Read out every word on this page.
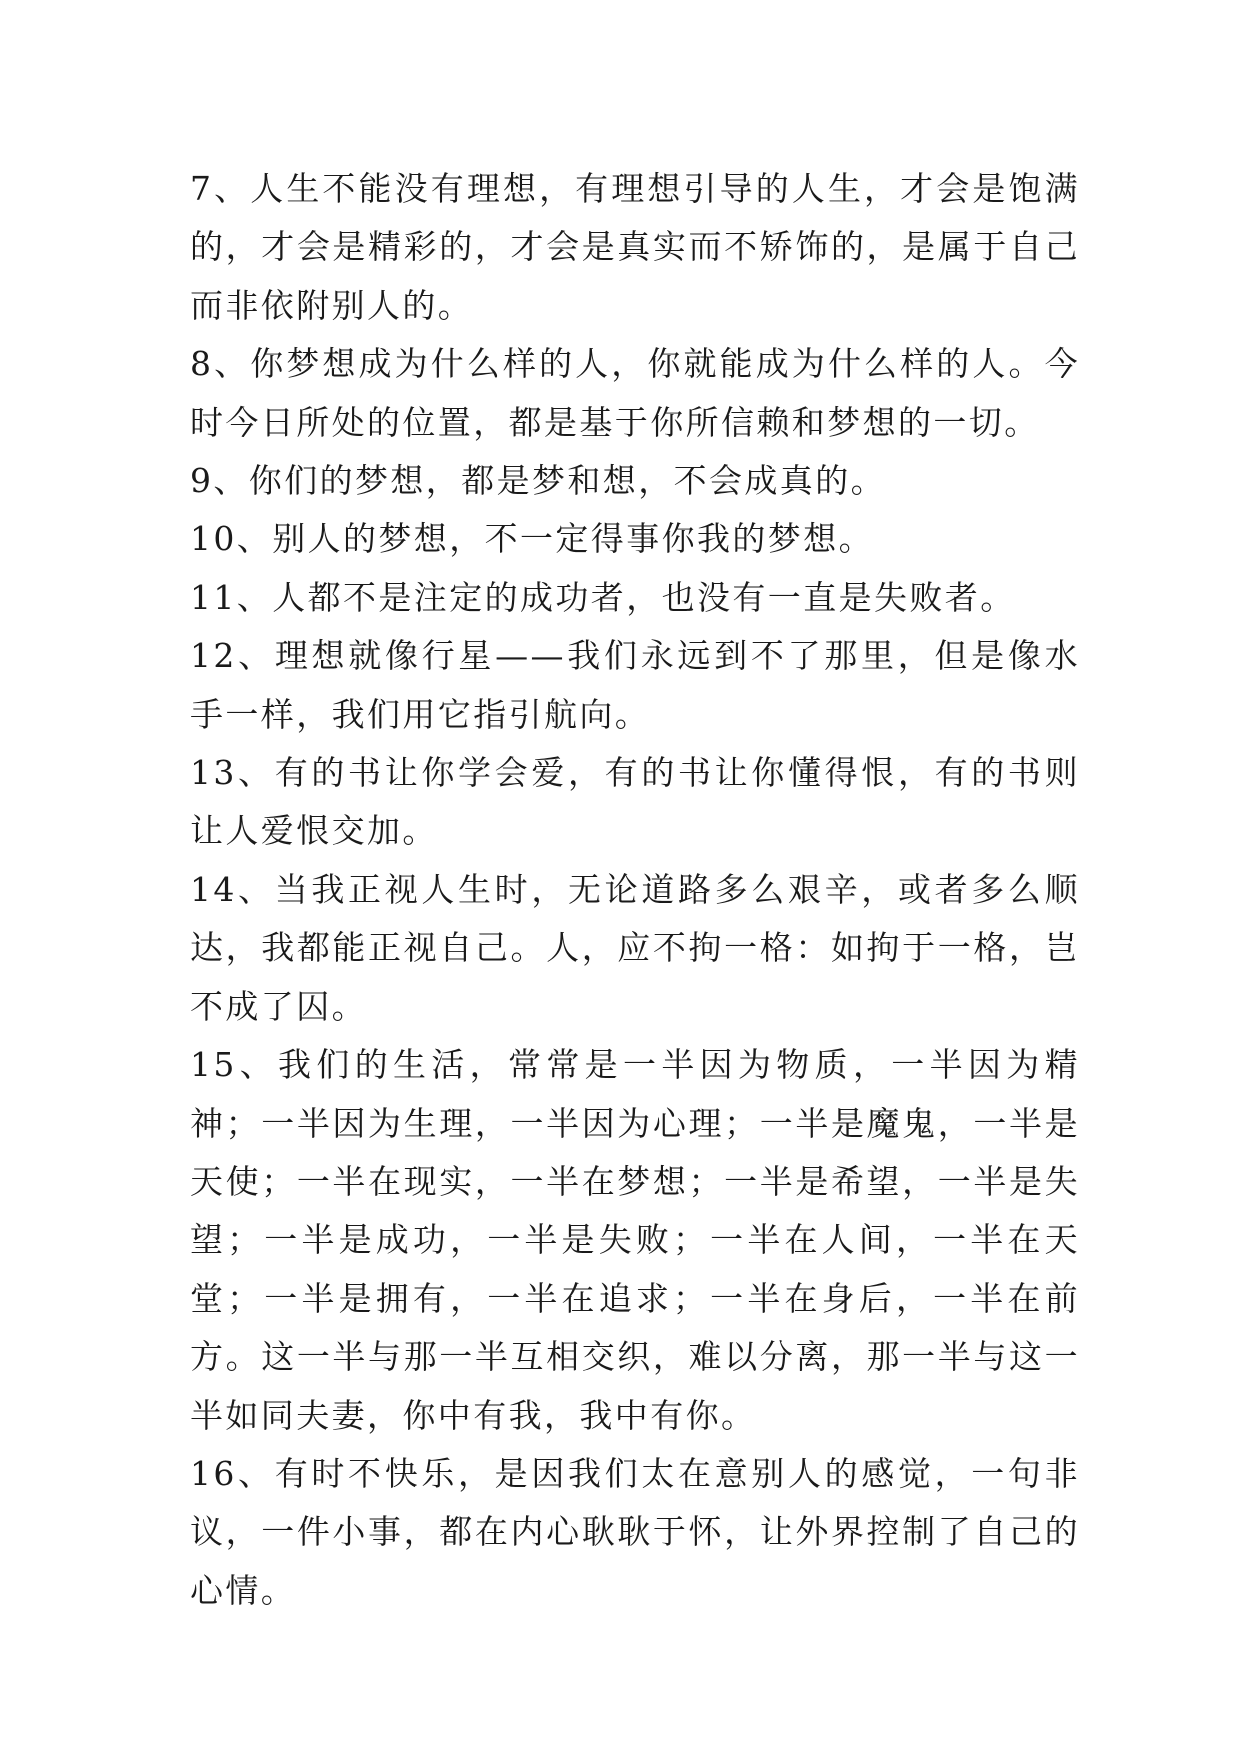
7、人生不能没有理想，有理想引导的人生，才会是饱满的，才会是精彩的，才会是真实而不矫饰的，是属于自己而非依附别人的。

8、你梦想成为什么样的人，你就能成为什么样的人。今时今日所处的位置，都是基于你所信赖和梦想的一切。

9、你们的梦想，都是梦和想，不会成真的。

10、别人的梦想，不一定得事你我的梦想。

11、人都不是注定的成功者，也没有一直是失败者。

12、理想就像行星——我们永远到不了那里，但是像水手一样，我们用它指引航向。

13、有的书让你学会爱，有的书让你懂得恨，有的书则让人爱恨交加。

14、当我正视人生时，无论道路多么艰辛，或者多么顺达，我都能正视自己。人，应不拘一格：如拘于一格，岂不成了囚。

15、我们的生活，常常是一半因为物质，一半因为精神；一半因为生理，一半因为心理；一半是魔鬼，一半是天使；一半在现实，一半在梦想；一半是希望，一半是失望；一半是成功，一半是失败；一半在人间，一半在天堂；一半是拥有，一半在追求；一半在身后，一半在前方。这一半与那一半互相交织，难以分离，那一半与这一半如同夫妻，你中有我，我中有你。

16、有时不快乐，是因我们太在意别人的感觉，一句非议，一件小事，都在内心耿耿于怀，让外界控制了自己的心情。
